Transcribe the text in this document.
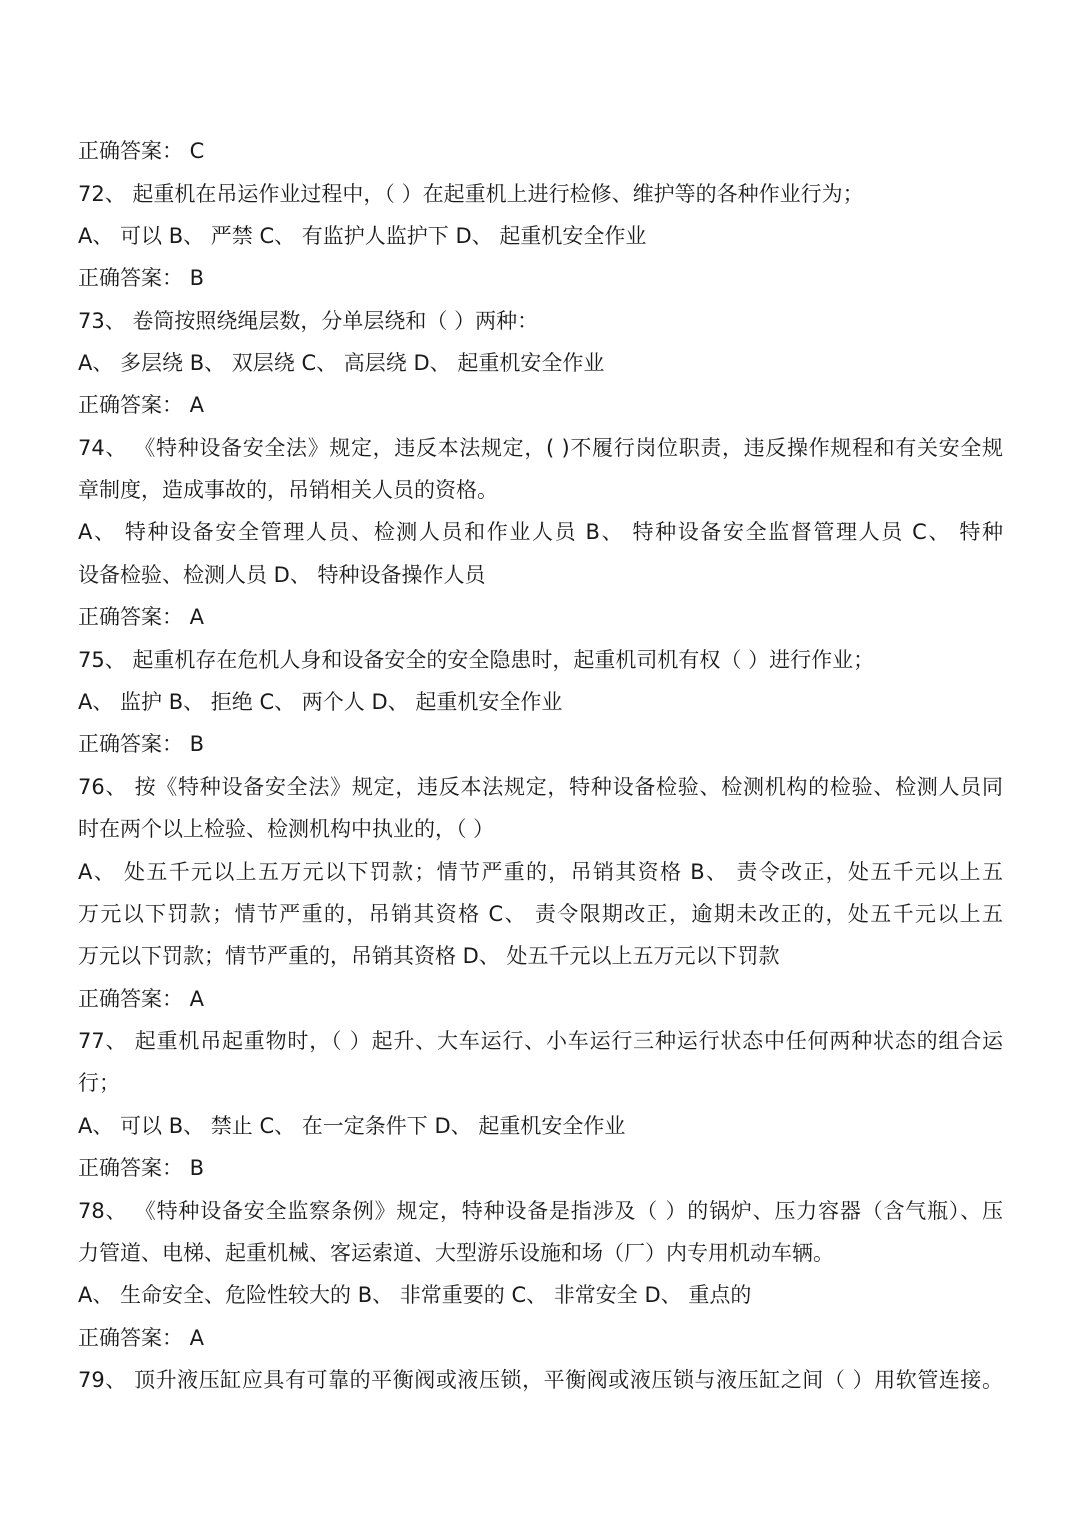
正确答案： C
72、 起重机在吊运作业过程中，（ ）在起重机上进行检修、维护等的各种作业行为；
A、 可以 B、 严禁 C、 有监护人监护下 D、 起重机安全作业
正确答案： B
73、 卷筒按照绕绳层数，分单层绕和（ ）两种：
A、 多层绕 B、 双层绕 C、 高层绕 D、 起重机安全作业
正确答案： A
74、 《特种设备安全法》规定，违反本法规定，( )不履行岗位职责，违反操作规程和有关安全规
章制度，造成事故的，吊销相关人员的资格。
A、 特种设备安全管理人员、检测人员和作业人员 B、 特种设备安全监督管理人员 C、 特种
设备检验、检测人员 D、 特种设备操作人员
正确答案： A
75、 起重机存在危机人身和设备安全的安全隐患时，起重机司机有权（ ）进行作业；
A、 监护 B、 拒绝 C、 两个人 D、 起重机安全作业
正确答案： B
76、 按《特种设备安全法》规定，违反本法规定，特种设备检验、检测机构的检验、检测人员同
时在两个以上检验、检测机构中执业的，（ ）
A、 处五千元以上五万元以下罚款；情节严重的，吊销其资格 B、 责令改正，处五千元以上五
万元以下罚款；情节严重的，吊销其资格 C、 责令限期改正，逾期未改正的，处五千元以上五
万元以下罚款；情节严重的，吊销其资格 D、 处五千元以上五万元以下罚款
正确答案： A
77、 起重机吊起重物时，（ ）起升、大车运行、小车运行三种运行状态中任何两种状态的组合运
行；
A、 可以 B、 禁止 C、 在一定条件下 D、 起重机安全作业
正确答案： B
78、 《特种设备安全监察条例》规定，特种设备是指涉及（ ）的锅炉、压力容器（含气瓶）、压
力管道、电梯、起重机械、客运索道、大型游乐设施和场（厂）内专用机动车辆。
A、 生命安全、危险性较大的 B、 非常重要的 C、 非常安全 D、 重点的
正确答案： A
79、 顶升液压缸应具有可靠的平衡阀或液压锁，平衡阀或液压锁与液压缸之间（ ）用软管连接。
